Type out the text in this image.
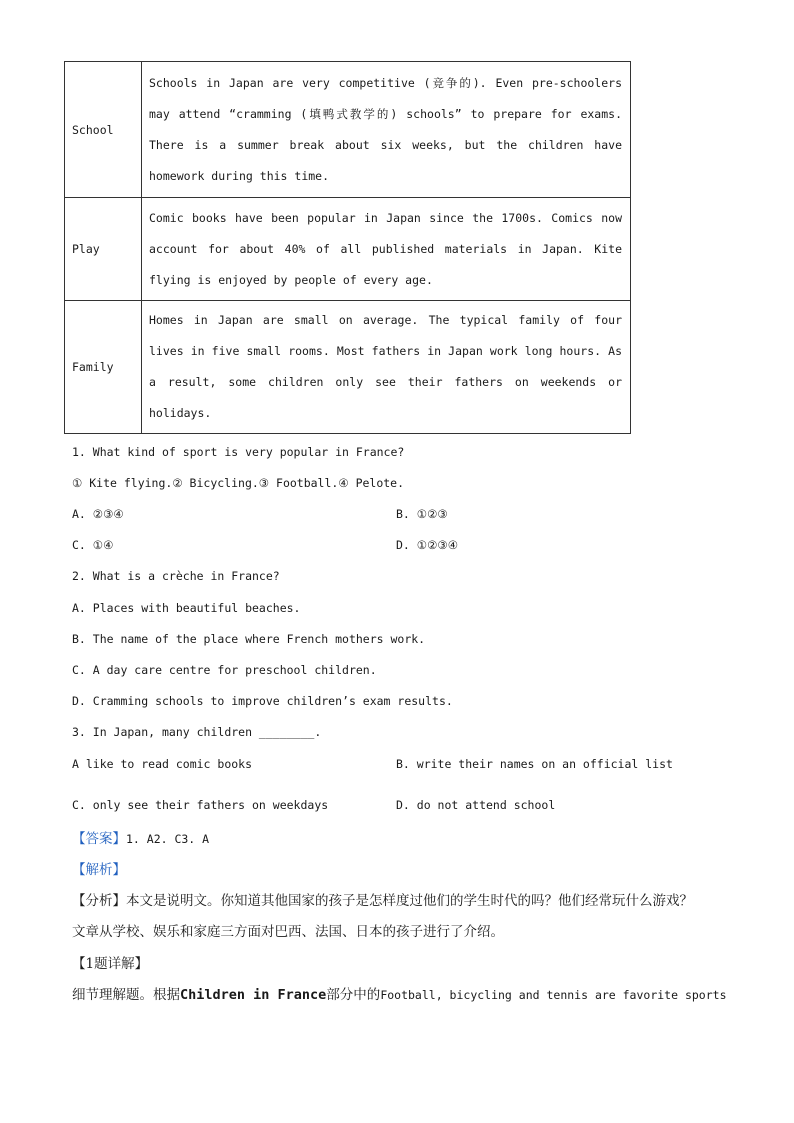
School	Schools in Japan are very competitive (竞争的). Even pre-schoolers may attend “cramming (填鸭式教学的) schools” to prepare for exams. There is a summer break about six weeks, but the children have homework during this time.
Play	Comic books have been popular in Japan since the 1700s. Comics now account for about 40% of all published materials in Japan. Kite flying is enjoyed by people of every age.
Family	Homes in Japan are small on average. The typical family of four lives in five small rooms. Most fathers in Japan work long hours. As a result, some children only see their fathers on weekends or holidays.
1. What kind of sport is very popular in France?
① Kite flying.② Bicycling.③ Football.④ Pelote.
A. ②③④	B. ①②③
C. ①④	D. ①②③④
2. What is a crèche in France?
A. Places with beautiful beaches.
B. The name of the place where French mothers work.
C. A day care centre for preschool children.
D. Cramming schools to improve children’s exam results.
3. In Japan, many children ________.
A like to read comic books	B. write their names on an official list
C. only see their fathers on weekdays	D. do not attend school
【答案】1. A2. C3. A
【解析】
【分析】本文是说明文。你知道其他国家的孩子是怎样度过他们的学生时代的吗？他们经常玩什么游戏？
文章从学校、娱乐和家庭三方面对巴西、法国、日本的孩子进行了介绍。
【1题详解】
细节理解题。根据Children in France部分中的Football, bicycling and tennis are favorite sports
